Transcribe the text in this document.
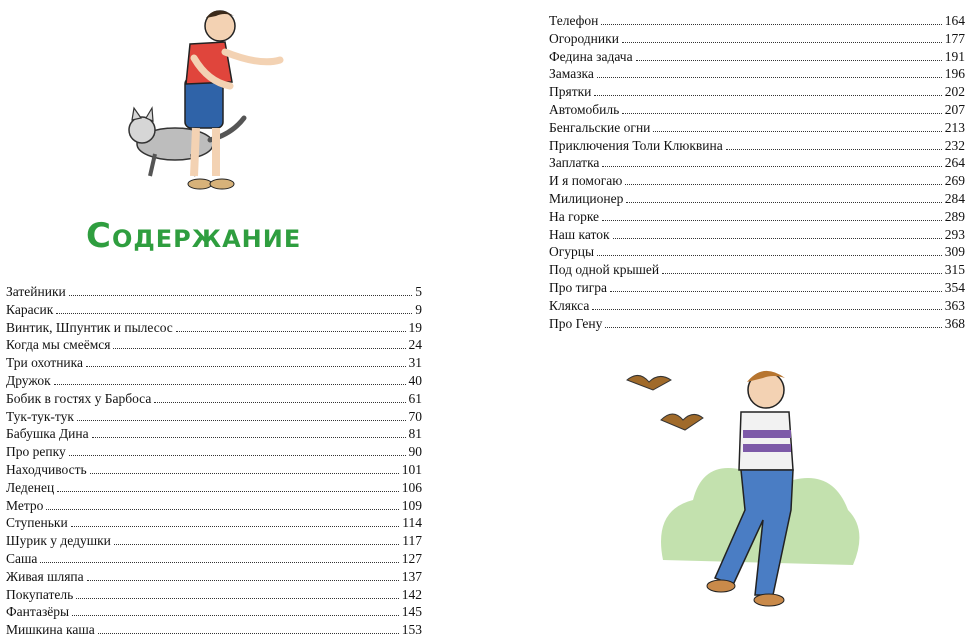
Содержание
Затейники	5
Карасик	9
Винтик, Шпунтик и пылесос	19
Когда мы смеёмся	24
Три охотника	31
Дружок	40
Бобик в гостях у Барбоса	61
Тук-тук-тук	70
Бабушка Дина	81
Про репку	90
Находчивость	101
Леденец	106
Метро	109
Ступеньки	114
Шурик у дедушки	117
Саша	127
Живая шляпа	137
Покупатель	142
Фантазёры	145
Мишкина каша	153
Телефон	164
Огородники	177
Федина задача	191
Замазка	196
Прятки	202
Автомобиль	207
Бенгальские огни	213
Приключения Толи Клюквина	232
Заплатка	264
И я помогаю	269
Милиционер	284
На горке	289
Наш каток	293
Огурцы	309
Под одной крышей	315
Про тигра	354
Клякса	363
Про Гену	368
